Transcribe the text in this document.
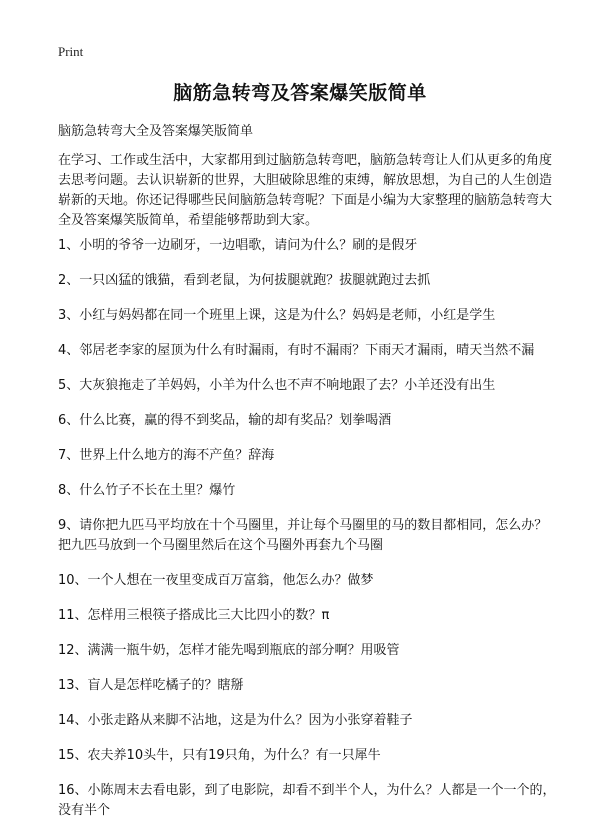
Print
脑筋急转弯及答案爆笑版简单
脑筋急转弯大全及答案爆笑版简单

在学习、工作或生活中，大家都用到过脑筋急转弯吧，脑筋急转弯让人们从更多的角度去思考问题。去认识崭新的世界，大胆破除思维的束缚，解放思想，为自己的人生创造崭新的天地。你还记得哪些民间脑筋急转弯呢？下面是小编为大家整理的脑筋急转弯大全及答案爆笑版简单，希望能够帮助到大家。

1、小明的爷爷一边刷牙，一边唱歌，请问为什么？刷的是假牙
2、一只凶猛的饿猫，看到老鼠，为何拔腿就跑？拔腿就跑过去抓
3、小红与妈妈都在同一个班里上课，这是为什么？妈妈是老师，小红是学生
4、邻居老李家的屋顶为什么有时漏雨，有时不漏雨？下雨天才漏雨，晴天当然不漏
5、大灰狼拖走了羊妈妈，小羊为什么也不声不响地跟了去？小羊还没有出生
6、什么比赛，赢的得不到奖品，输的却有奖品？划拳喝酒
7、世界上什么地方的海不产鱼？辞海
8、什么竹子不长在土里？爆竹
9、请你把九匹马平均放在十个马圈里，并让每个马圈里的马的数目都相同，怎么办？把九匹马放到一个马圈里然后在这个马圈外再套九个马圈
10、一个人想在一夜里变成百万富翁，他怎么办？做梦
11、怎样用三根筷子搭成比三大比四小的数？π
12、满满一瓶牛奶，怎样才能先喝到瓶底的部分啊？用吸管
13、盲人是怎样吃橘子的？瞎掰
14、小张走路从来脚不沾地，这是为什么？因为小张穿着鞋子
15、农夫养10头牛，只有19只角，为什么？有一只犀牛
16、小陈周末去看电影，到了电影院，却看不到半个人，为什么？人都是一个一个的，没有半个
